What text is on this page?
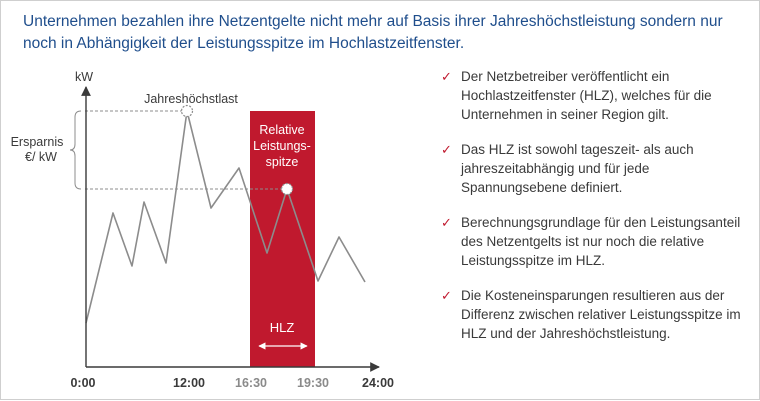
Unternehmen bezahlen ihre Netzentgelte nicht mehr auf Basis ihrer Jahreshöchstleistung sondern nur noch in Abhängigkeit der Leistungsspitze im Hochlastzeitfenster.
Relative
Leistungs-
spitze
HLZ
Jahreshöchstlast
Ersparnis
€/ kW
kW
0:00	12:00 16:30 19:30	24:00
✓ Der Netzbetreiber veröffentlicht ein Hochlastzeitfenster (HLZ), welches für die Unternehmen in seiner Region gilt.
✓ Das HLZ ist sowohl tageszeit- als auch jahreszeitabhängig und für jede Spannungsebene definiert.
✓ Berechnungsgrundlage für den Leistungsanteil des Netzentgelts ist nur noch die relative Leistungsspitze im HLZ.
✓ Die Kosteneinsparungen resultieren aus der Differenz zwischen relativer Leistungsspitze im HLZ und der Jahreshöchstleistung.
